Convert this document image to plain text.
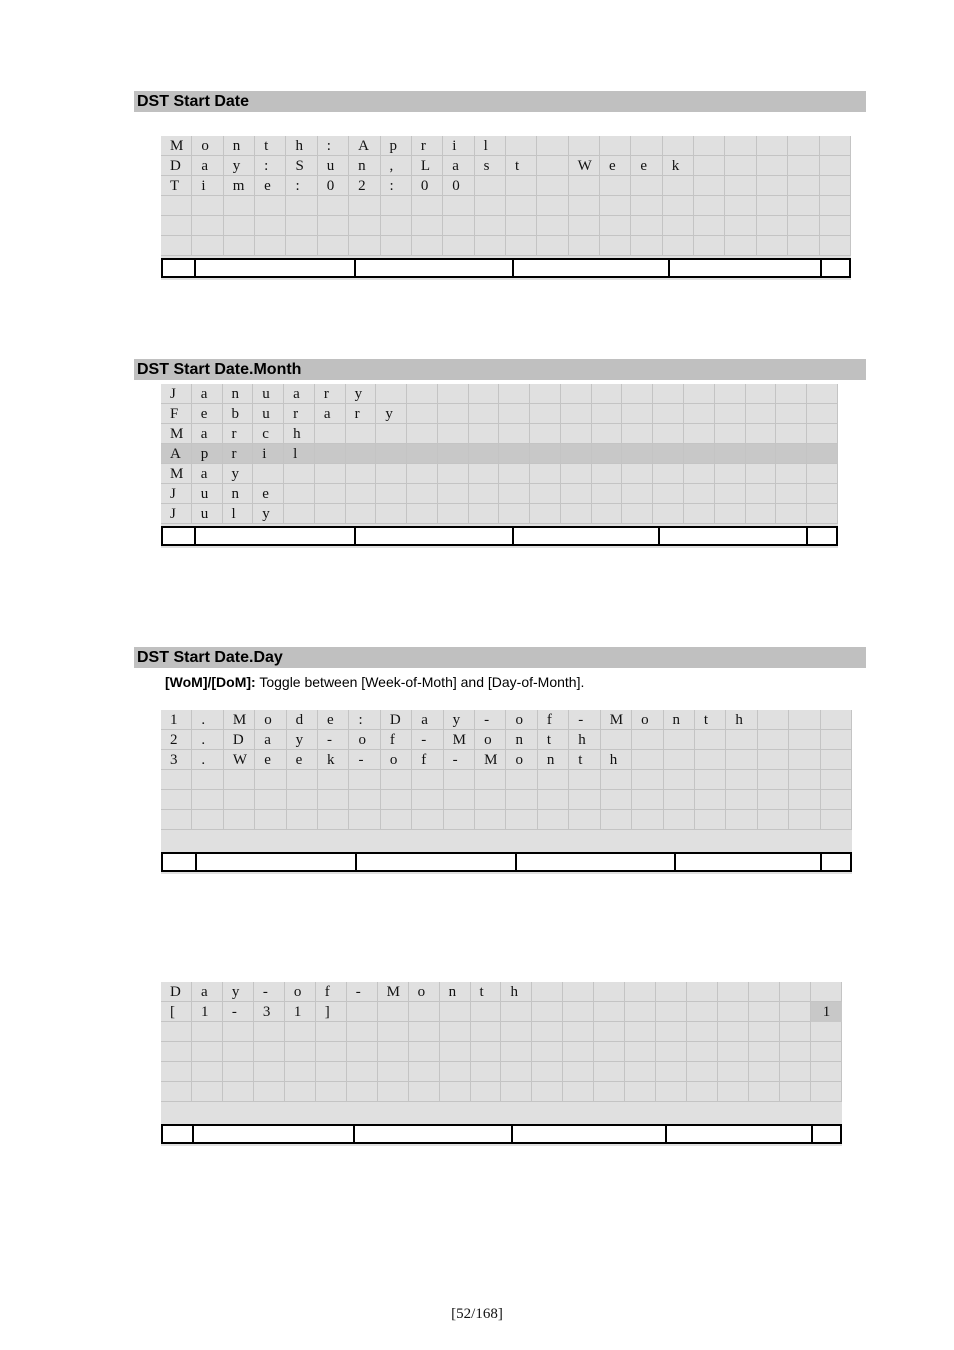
DST Start Date
M	o	n	t	h	:	A	p	r	i	l
D	a	y	:	S	u	n	,	L	a	s	t	W	e	e	k
T	i	m	e	:	0	2	:	0	0
DST Start Date.Month
J	a	n	u	a	r	y
F	e	b	u	r	a	r	y
M	a	r	c	h
A	p	r	i	l
M	a	y
J	u	n	e
J	u	l	y
DST Start Date.Day
[WoM]/[DoM]: Toggle between [Week-of-Moth] and [Day-of-Month].
1	.	M	o	d	e	:	D	a	y	-	o	f	-	M	o	n	t	h
2	.	D	a	y	-	o	f	-	M	o	n	t	h
3	.	W	e	e	k	-	o	f	-	M	o	n	t	h
D	a	y	-	o	f	-	M	o	n	t	h
[	1	-	3	1	]	1
[52/168]
